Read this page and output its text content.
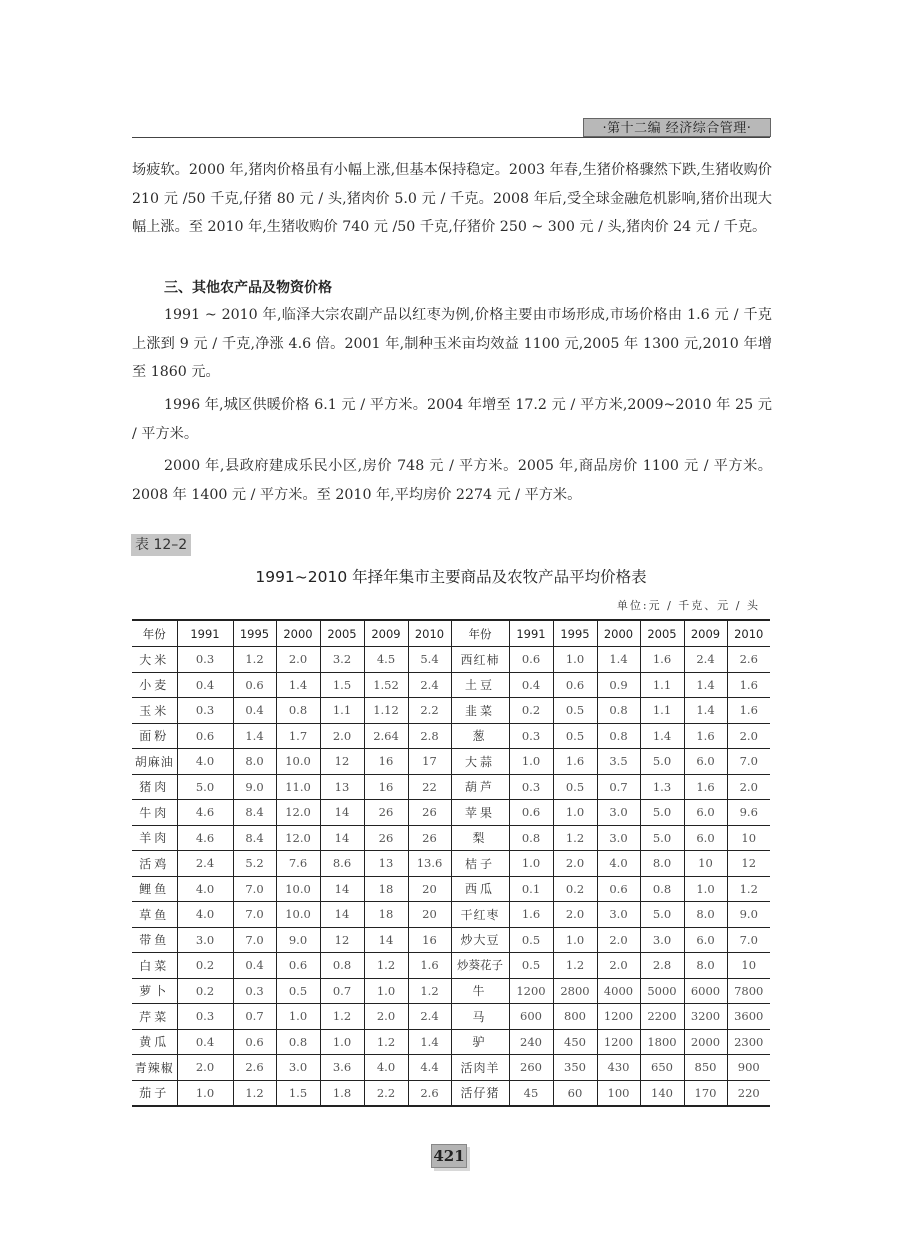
·第十二编 经济综合管理·
场疲软。2000 年,猪肉价格虽有小幅上涨,但基本保持稳定。2003 年春,生猪价格骤然下跌,生猪收购价 210 元 /50 千克,仔猪 80 元 / 头,猪肉价 5.0 元 / 千克。2008 年后,受全球金融危机影响,猪价出现大幅上涨。至 2010 年,生猪收购价 740 元 /50 千克,仔猪价 250 ~ 300 元 / 头,猪肉价 24 元 / 千克。
三、其他农产品及物资价格
1991 ~ 2010 年,临泽大宗农副产品以红枣为例,价格主要由市场形成,市场价格由 1.6 元 / 千克上涨到 9 元 / 千克,净涨 4.6 倍。2001 年,制种玉米亩均效益 1100 元,2005 年 1300 元,2010 年增至 1860 元。
1996 年,城区供暖价格 6.1 元 / 平方米。2004 年增至 17.2 元 / 平方米,2009~2010 年 25 元 / 平方米。
2000 年,县政府建成乐民小区,房价 748 元 / 平方米。2005 年,商品房价 1100 元 / 平方米。2008 年 1400 元 / 平方米。至 2010 年,平均房价 2274 元 / 平方米。
表 12–2
1991~2010 年择年集市主要商品及农牧产品平均价格表
单位:元 / 千克、元 / 头
年份	1991	1995	2000	2005	2009	2010	年份	1991	1995	2000	2005	2009	2010
大米	0.3	1.2	2.0	3.2	4.5	5.4	西红柿	0.6	1.0	1.4	1.6	2.4	2.6
小麦	0.4	0.6	1.4	1.5	1.52	2.4	土豆	0.4	0.6	0.9	1.1	1.4	1.6
玉米	0.3	0.4	0.8	1.1	1.12	2.2	韭菜	0.2	0.5	0.8	1.1	1.4	1.6
面粉	0.6	1.4	1.7	2.0	2.64	2.8	葱	0.3	0.5	0.8	1.4	1.6	2.0
胡麻油	4.0	8.0	10.0	12	16	17	大蒜	1.0	1.6	3.5	5.0	6.0	7.0
猪肉	5.0	9.0	11.0	13	16	22	葫芦	0.3	0.5	0.7	1.3	1.6	2.0
牛肉	4.6	8.4	12.0	14	26	26	苹果	0.6	1.0	3.0	5.0	6.0	9.6
羊肉	4.6	8.4	12.0	14	26	26	梨	0.8	1.2	3.0	5.0	6.0	10
活鸡	2.4	5.2	7.6	8.6	13	13.6	桔子	1.0	2.0	4.0	8.0	10	12
鲤鱼	4.0	7.0	10.0	14	18	20	西瓜	0.1	0.2	0.6	0.8	1.0	1.2
草鱼	4.0	7.0	10.0	14	18	20	干红枣	1.6	2.0	3.0	5.0	8.0	9.0
带鱼	3.0	7.0	9.0	12	14	16	炒大豆	0.5	1.0	2.0	3.0	6.0	7.0
白菜	0.2	0.4	0.6	0.8	1.2	1.6	炒葵花子	0.5	1.2	2.0	2.8	8.0	10
萝卜	0.2	0.3	0.5	0.7	1.0	1.2	牛	1200	2800	4000	5000	6000	7800
芹菜	0.3	0.7	1.0	1.2	2.0	2.4	马	600	800	1200	2200	3200	3600
黄瓜	0.4	0.6	0.8	1.0	1.2	1.4	驴	240	450	1200	1800	2000	2300
青辣椒	2.0	2.6	3.0	3.6	4.0	4.4	活肉羊	260	350	430	650	850	900
茄子	1.0	1.2	1.5	1.8	2.2	2.6	活仔猪	45	60	100	140	170	220
421
